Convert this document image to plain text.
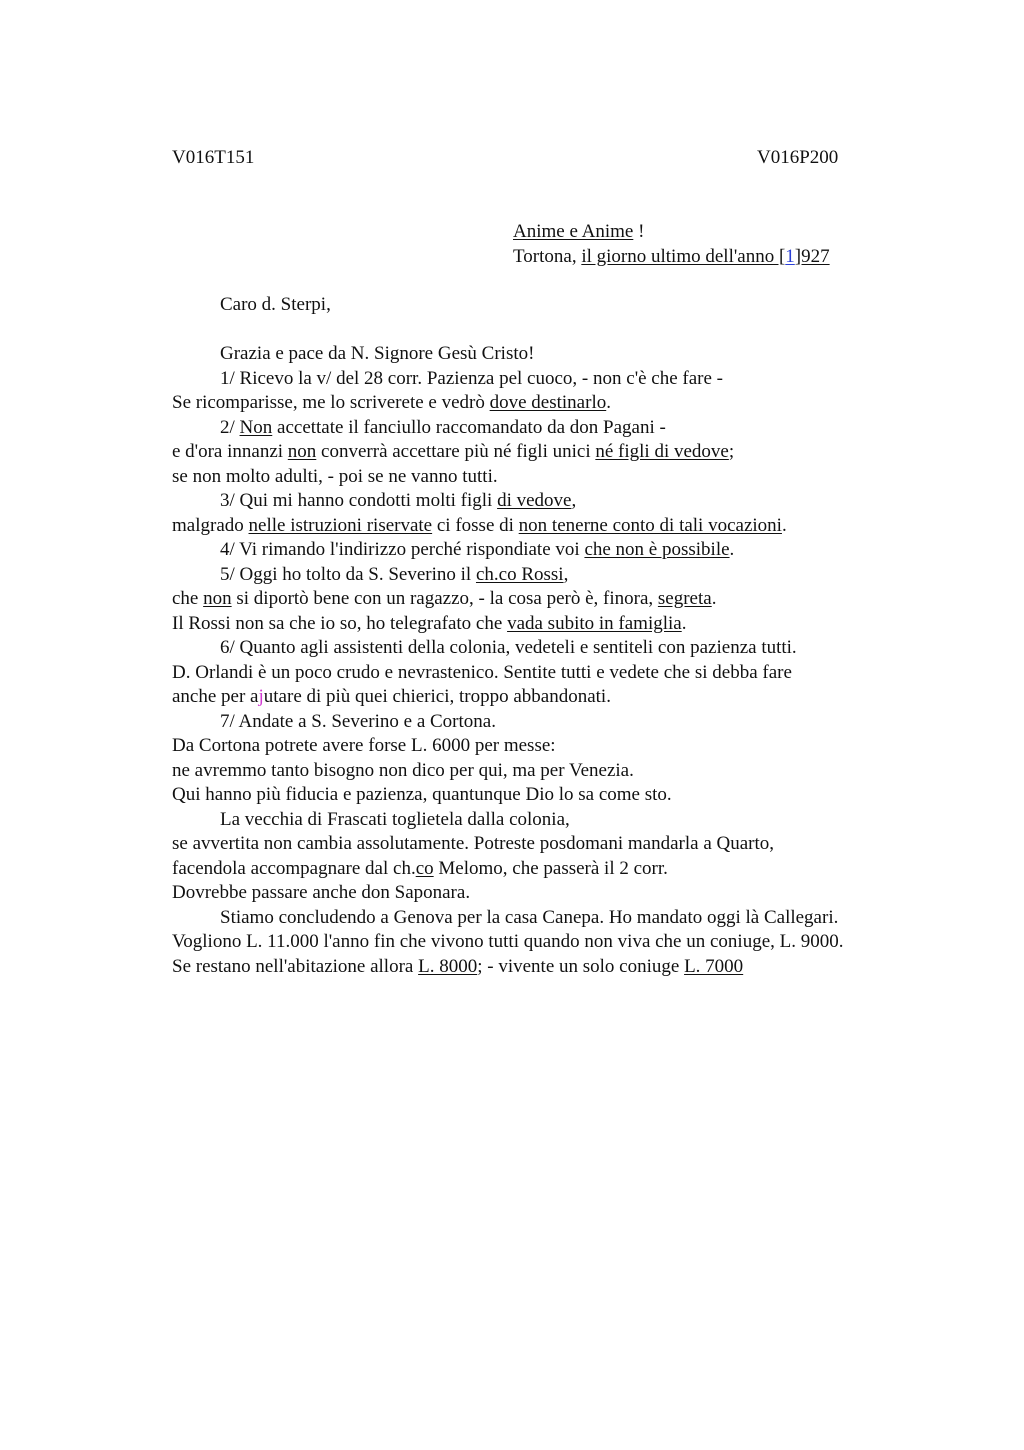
V016T151	V016P200
Anime e Anime !
Tortona, il giorno ultimo dell'anno [1]927
Caro d. Sterpi,
Grazia e pace da N. Signore Gesù Cristo!
1/ Ricevo la v/ del 28 corr. Pazienza pel cuoco, - non c'è che fare -
Se ricomparisse, me lo scriverete e vedrò dove destinarlo.
2/ Non accettate il fanciullo raccomandato da don Pagani -
e d'ora innanzi non converrà accettare più né figli unici né figli di vedove;
se non molto adulti, - poi se ne vanno tutti.
3/ Qui mi hanno condotti molti figli di vedove,
malgrado nelle istruzioni riservate ci fosse di non tenerne conto di tali vocazioni.
4/ Vi rimando l'indirizzo perché rispondiate voi che non è possibile.
5/ Oggi ho tolto da S. Severino il ch.co Rossi,
che non si diportò bene con un ragazzo, - la cosa però è, finora, segreta.
Il Rossi non sa che io so, ho telegrafato che vada subito in famiglia.
6/ Quanto agli assistenti della colonia, vedeteli e sentiteli con pazienza tutti.
D. Orlandi è un poco crudo e nevrastenico. Sentite tutti e vedete che si debba fare
anche per ajutare di più quei chierici, troppo abbandonati.
7/ Andate a S. Severino e a Cortona.
Da Cortona potrete avere forse L. 6000 per messe:
ne avremmo tanto bisogno non dico per qui, ma per Venezia.
Qui hanno più fiducia e pazienza, quantunque Dio lo sa come sto.
La vecchia di Frascati toglietela dalla colonia,
se avvertita non cambia assolutamente. Potreste posdomani mandarla a Quarto,
facendola accompagnare dal ch.co Melomo, che passerà il 2 corr.
Dovrebbe passare anche don Saponara.
Stiamo concludendo a Genova per la casa Canepa. Ho mandato oggi là Callegari.
Vogliono L. 11.000 l'anno fin che vivono tutti quando non viva che un coniuge, L. 9000.
Se restano nell'abitazione allora L. 8000; - vivente un solo coniuge L. 7000
